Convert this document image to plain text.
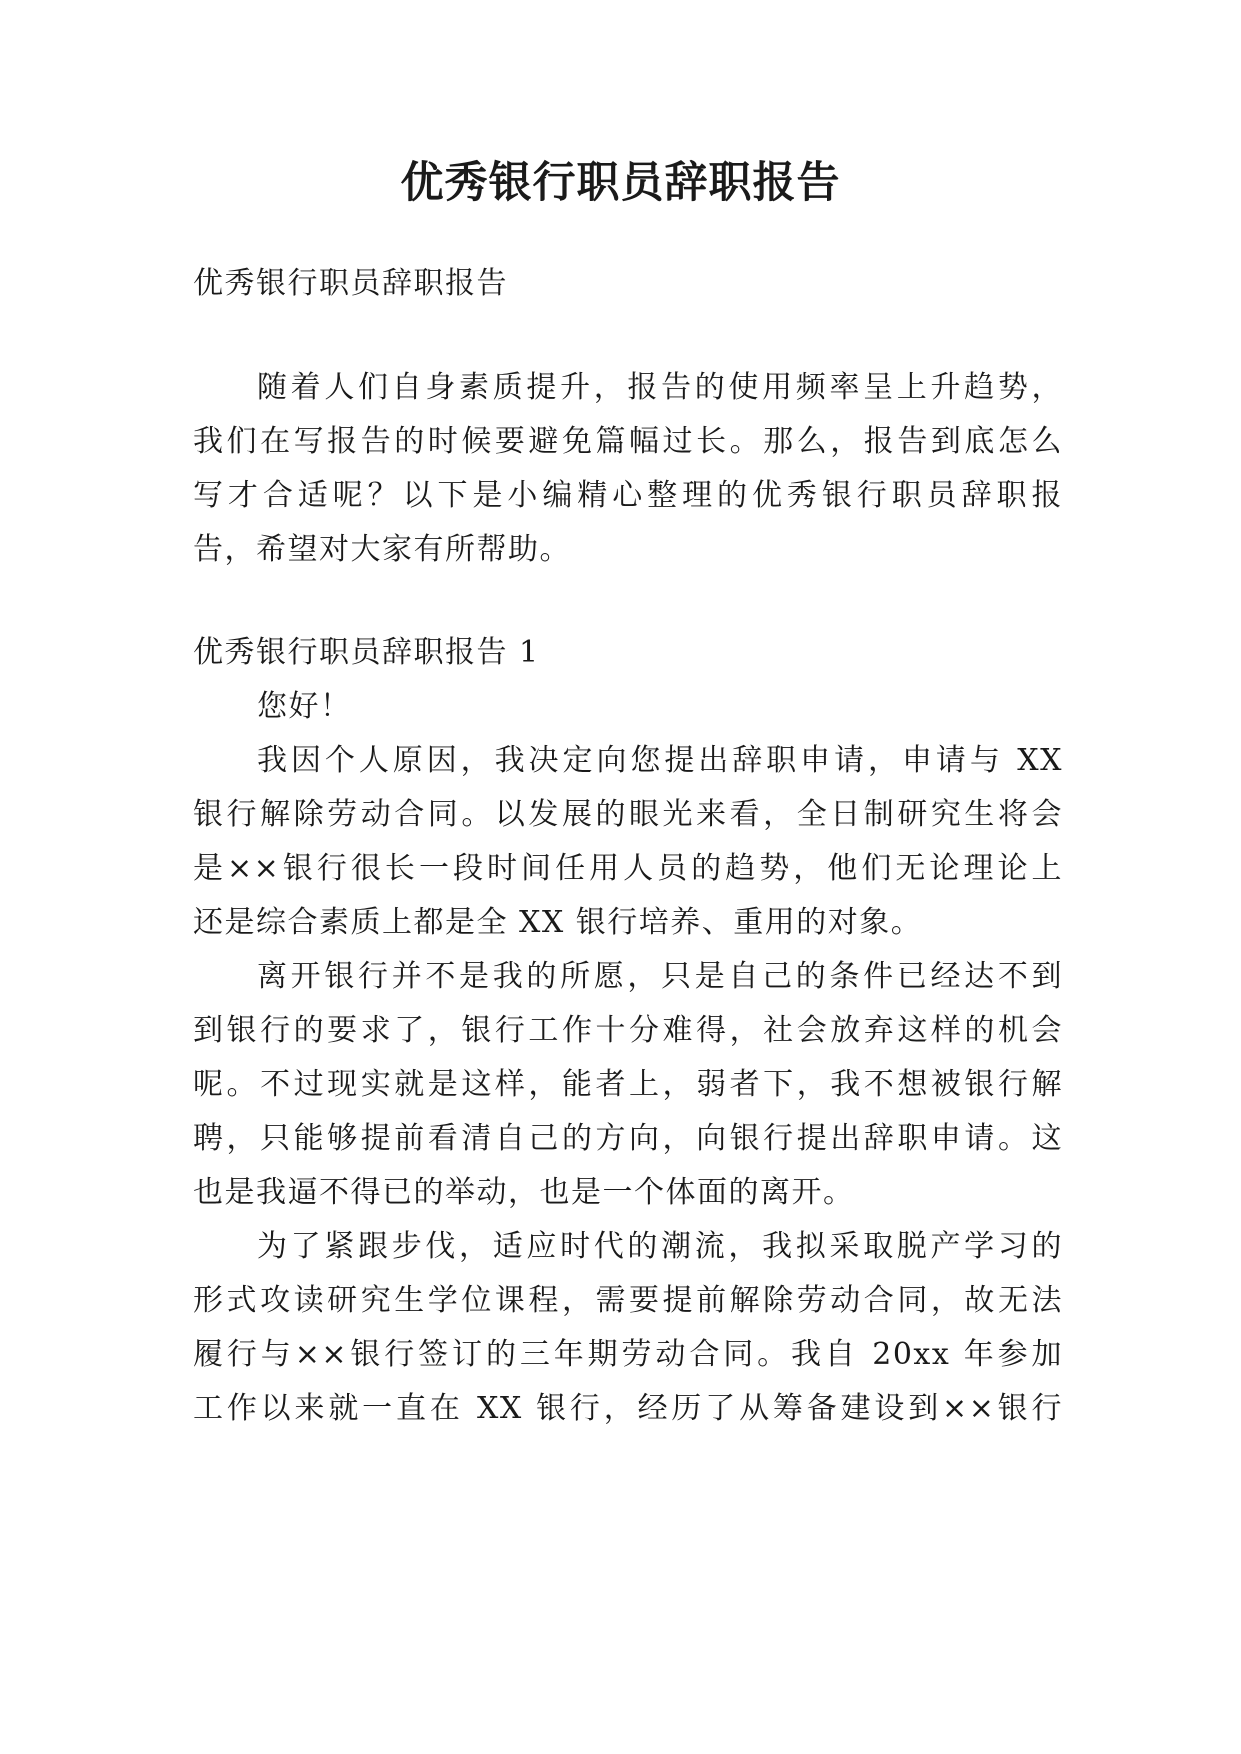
优秀银行职员辞职报告
优秀银行职员辞职报告
随着人们自身素质提升，报告的使用频率呈上升趋势，
我们在写报告的时候要避免篇幅过长。那么，报告到底怎么
写才合适呢？以下是小编精心整理的优秀银行职员辞职报
告，希望对大家有所帮助。
优秀银行职员辞职报告 1
您好！
我因个人原因，我决定向您提出辞职申请，申请与 XX
银行解除劳动合同。以发展的眼光来看，全日制研究生将会
是××银行很长一段时间任用人员的趋势，他们无论理论上
还是综合素质上都是全 XX 银行培养、重用的对象。
离开银行并不是我的所愿，只是自己的条件已经达不到
到银行的要求了，银行工作十分难得，社会放弃这样的机会
呢。不过现实就是这样，能者上，弱者下，我不想被银行解
聘，只能够提前看清自己的方向，向银行提出辞职申请。这
也是我逼不得已的举动，也是一个体面的离开。
为了紧跟步伐，适应时代的潮流，我拟采取脱产学习的
形式攻读研究生学位课程，需要提前解除劳动合同，故无法
履行与××银行签订的三年期劳动合同。我自 20xx 年参加
工作以来就一直在 XX 银行，经历了从筹备建设到××银行
